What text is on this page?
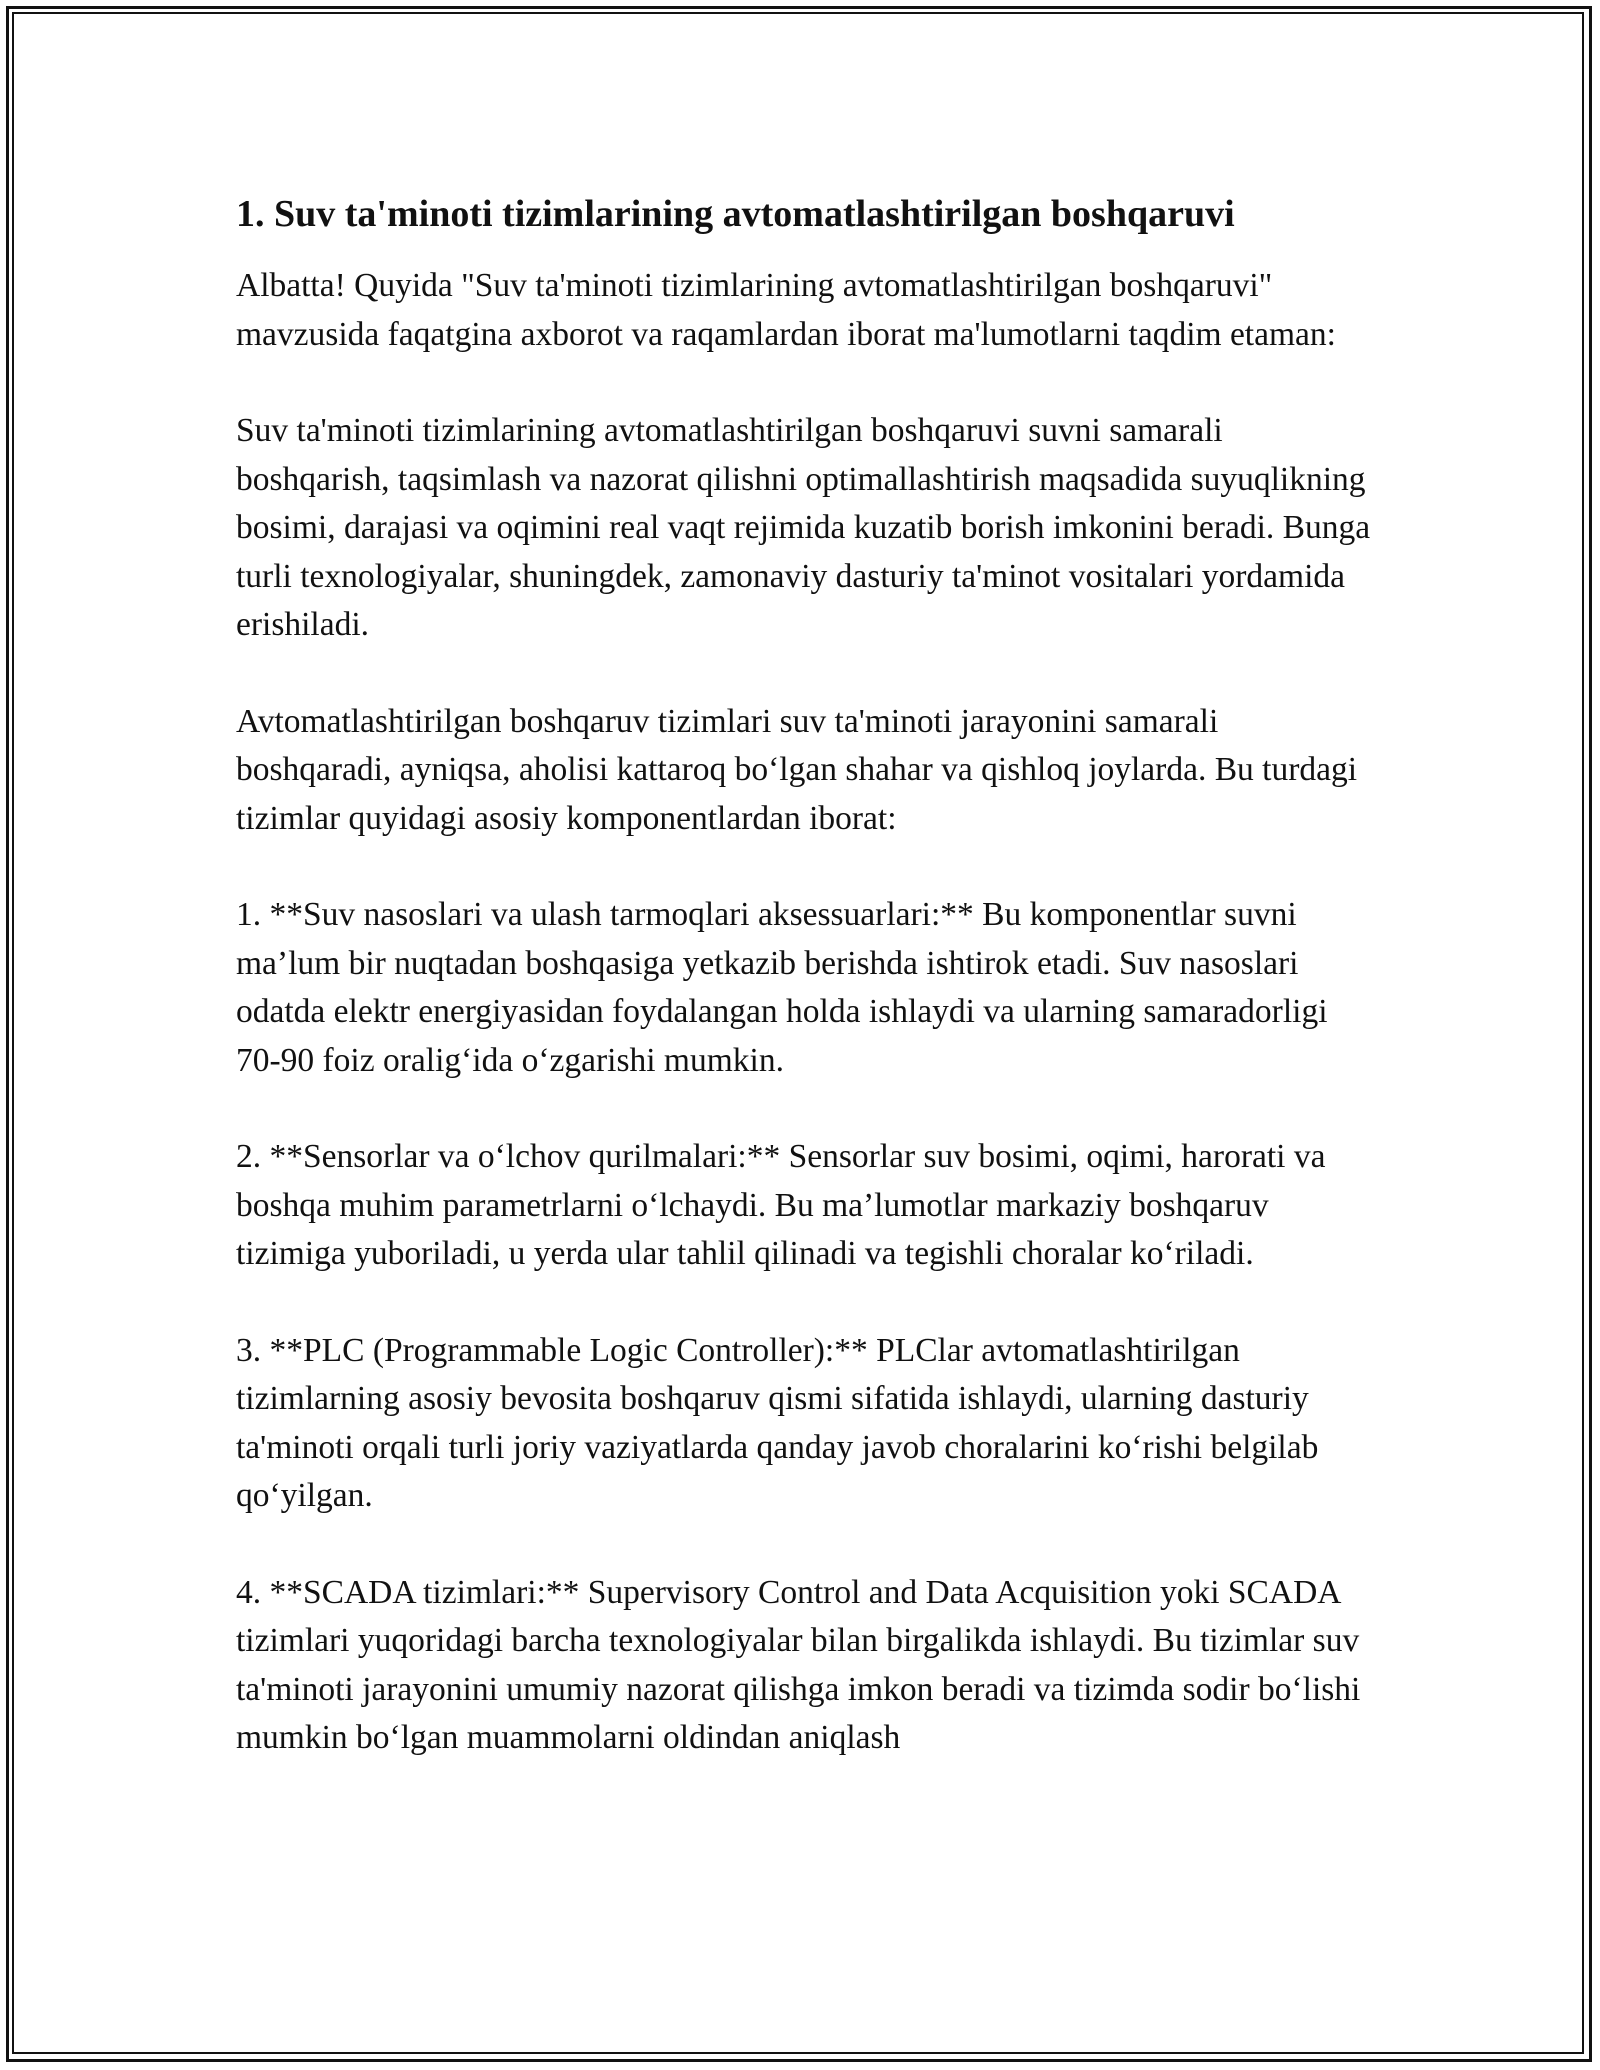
1. Suv ta'minoti tizimlarining avtomatlashtirilgan boshqaruvi

Albatta! Quyida "Suv ta'minoti tizimlarining avtomatlashtirilgan boshqaruvi" mavzusida faqatgina axborot va raqamlardan iborat ma'lumotlarni taqdim etaman:

Suv ta'minoti tizimlarining avtomatlashtirilgan boshqaruvi suvni samarali boshqarish, taqsimlash va nazorat qilishni optimallashtirish maqsadida suyuqlikning bosimi, darajasi va oqimini real vaqt rejimida kuzatib borish imkonini beradi. Bunga turli texnologiyalar, shuningdek, zamonaviy dasturiy ta'minot vositalari yordamida erishiladi.

Avtomatlashtirilgan boshqaruv tizimlari suv ta'minoti jarayonini samarali boshqaradi, ayniqsa, aholisi kattaroq bo‘lgan shahar va qishloq joylarda. Bu turdagi tizimlar quyidagi asosiy komponentlardan iborat:

1. **Suv nasoslari va ulash tarmoqlari aksessuarlari:** Bu komponentlar suvni ma’lum bir nuqtadan boshqasiga yetkazib berishda ishtirok etadi. Suv nasoslari odatda elektr energiyasidan foydalangan holda ishlaydi va ularning samaradorligi 70-90 foiz oralig‘ida o‘zgarishi mumkin.

2. **Sensorlar va o‘lchov qurilmalari:** Sensorlar suv bosimi, oqimi, harorati va boshqa muhim parametrlarni o‘lchaydi. Bu ma’lumotlar markaziy boshqaruv tizimiga yuboriladi, u yerda ular tahlil qilinadi va tegishli choralar ko‘riladi.

3. **PLC (Programmable Logic Controller):** PLClar avtomatlashtirilgan tizimlarning asosiy bevosita boshqaruv qismi sifatida ishlaydi, ularning dasturiy ta'minoti orqali turli joriy vaziyatlarda qanday javob choralarini ko‘rishi belgilab qo‘yilgan.

4. **SCADA tizimlari:** Supervisory Control and Data Acquisition yoki SCADA tizimlari yuqoridagi barcha texnologiyalar bilan birgalikda ishlaydi. Bu tizimlar suv ta'minoti jarayonini umumiy nazorat qilishga imkon beradi va tizimda sodir bo‘lishi mumkin bo‘lgan muammolarni oldindan aniqlash
